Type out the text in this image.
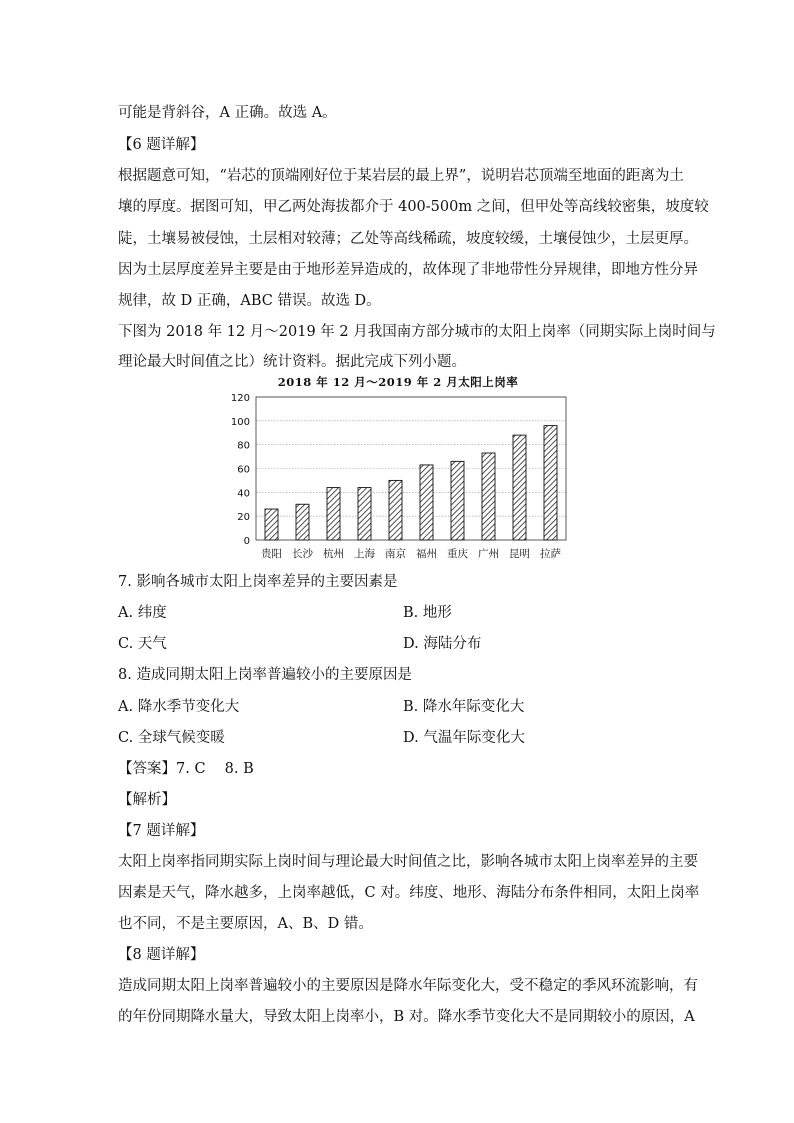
可能是背斜谷，A 正确。故选 A。
【6 题详解】
根据题意可知，“岩芯的顶端刚好位于某岩层的最上界”，说明岩芯顶端至地面的距离为土
壤的厚度。据图可知，甲乙两处海拔都介于 400-500m 之间，但甲处等高线较密集，坡度较
陡，土壤易被侵蚀，土层相对较薄；乙处等高线稀疏，坡度较缓，土壤侵蚀少，土层更厚。
因为土层厚度差异主要是由于地形差异造成的，故体现了非地带性分异规律，即地方性分异
规律，故 D 正确，ABC 错误。故选 D。
下图为 2018 年 12 月～2019 年 2 月我国南方部分城市的太阳上岗率（同期实际上岗时间与
理论最大时间值之比）统计资料。据此完成下列小题。
2018 年 12 月～2019 年 2 月太阳上岗率
0
20
40
60
80
100
120
贵阳 长沙 杭州 上海 南京 福州 重庆 广州 昆明 拉萨
7. 影响各城市太阳上岗率差异的主要因素是
A. 纬度	B. 地形
C. 天气	D. 海陆分布
8. 造成同期太阳上岗率普遍较小的主要原因是
A. 降水季节变化大	B. 降水年际变化大
C. 全球气候变暖	D. 气温年际变化大
【答案】7. C　 8. B
【解析】
【7 题详解】
太阳上岗率指同期实际上岗时间与理论最大时间值之比，影响各城市太阳上岗率差异的主要
因素是天气，降水越多，上岗率越低，C 对。纬度、地形、海陆分布条件相同，太阳上岗率
也不同，不是主要原因，A、B、D 错。
【8 题详解】
造成同期太阳上岗率普遍较小的主要原因是降水年际变化大，受不稳定的季风环流影响，有
的年份同期降水量大，导致太阳上岗率小，B 对。降水季节变化大不是同期较小的原因，A
